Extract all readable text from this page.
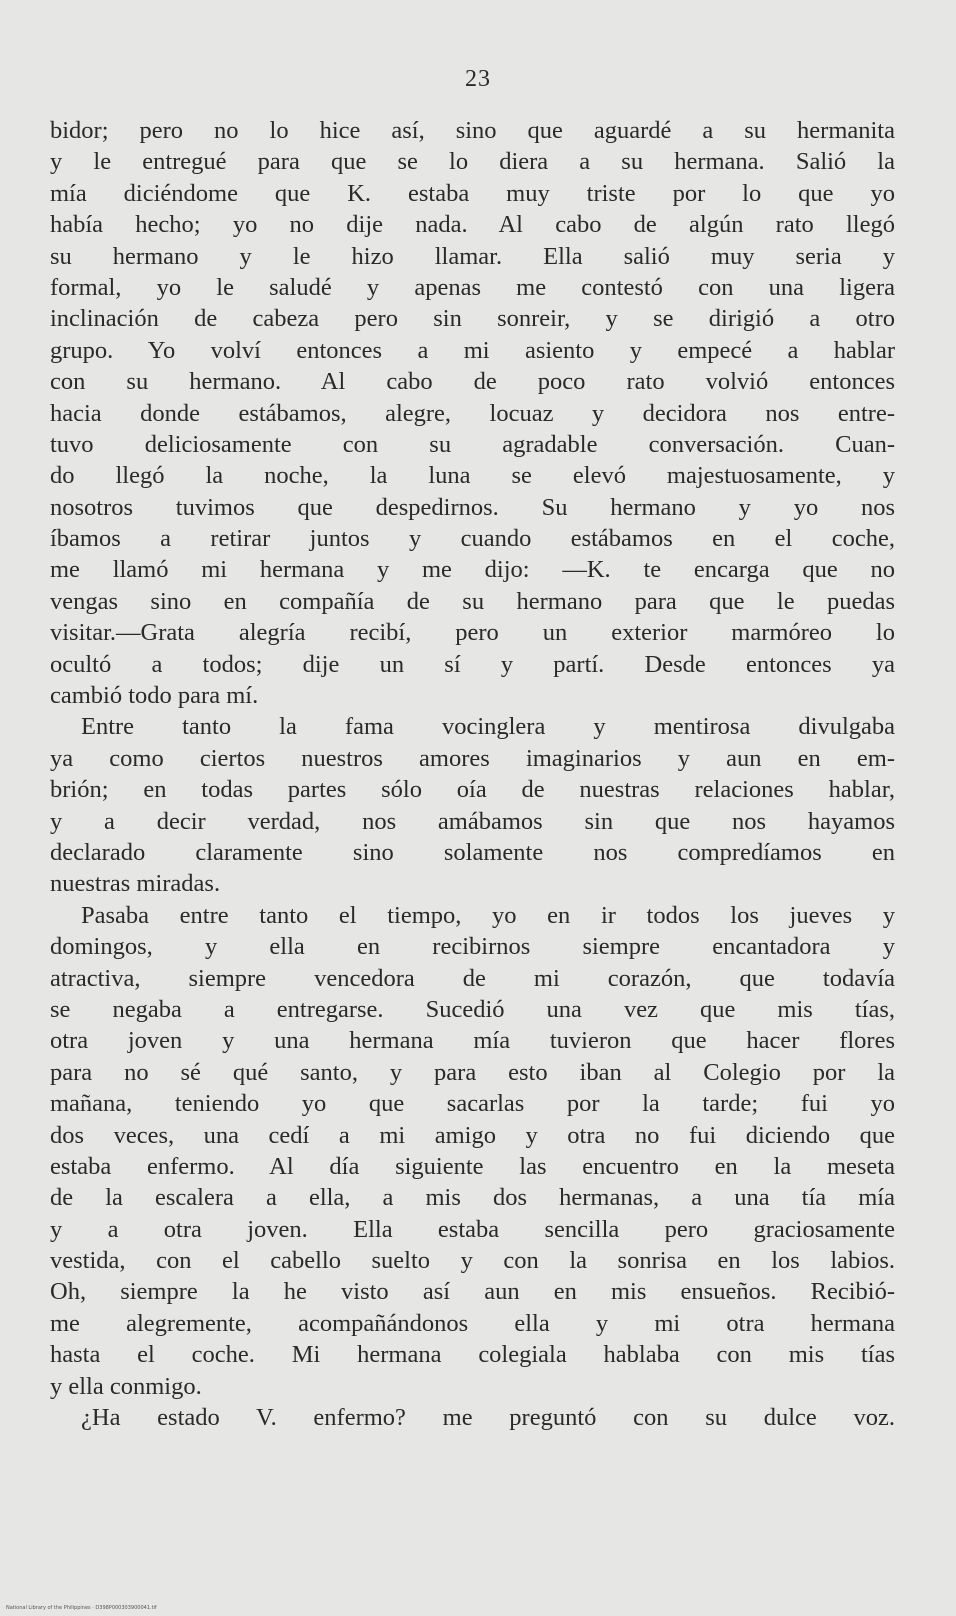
23
bidor; pero no lo hice así, sino que aguardé a su hermanita
y le entregué para que se lo diera a su hermana. Salió la
mía diciéndome que K. estaba muy triste por lo que yo
había hecho; yo no dije nada. Al cabo de algún rato llegó
su hermano y le hizo llamar. Ella salió muy seria y
formal, yo le saludé y apenas me contestó con una ligera
inclinación de cabeza pero sin sonreir, y se dirigió a otro
grupo. Yo volví entonces a mi asiento y empecé a hablar
con su hermano. Al cabo de poco rato volvió entonces
hacia donde estábamos, alegre, locuaz y decidora nos entre-
tuvo deliciosamente con su agradable conversación. Cuan-
do llegó la noche, la luna se elevó majestuosamente, y
nosotros tuvimos que despedirnos. Su hermano y yo nos
íbamos a retirar juntos y cuando estábamos en el coche,
me llamó mi hermana y me dijo: —K. te encarga que no
vengas sino en compañía de su hermano para que le puedas
visitar.—Grata alegría recibí, pero un exterior marmóreo lo
ocultó a todos; dije un sí y partí. Desde entonces ya
cambió todo para mí.
Entre tanto la fama vocinglera y mentirosa divulgaba
ya como ciertos nuestros amores imaginarios y aun en em-
brión; en todas partes sólo oía de nuestras relaciones hablar,
y a decir verdad, nos amábamos sin que nos hayamos
declarado claramente sino solamente nos compredíamos en
nuestras miradas.
Pasaba entre tanto el tiempo, yo en ir todos los jueves y
domingos, y ella en recibirnos siempre encantadora y
atractiva, siempre vencedora de mi corazón, que todavía
se negaba a entregarse. Sucedió una vez que mis tías,
otra joven y una hermana mía tuvieron que hacer flores
para no sé qué santo, y para esto iban al Colegio por la
mañana, teniendo yo que sacarlas por la tarde; fui yo
dos veces, una cedí a mi amigo y otra no fui diciendo que
estaba enfermo. Al día siguiente las encuentro en la meseta
de la escalera a ella, a mis dos hermanas, a una tía mía
y a otra joven. Ella estaba sencilla pero graciosamente
vestida, con el cabello suelto y con la sonrisa en los labios.
Oh, siempre la he visto así aun en mis ensueños. Recibió-
me alegremente, acompañándonos ella y mi otra hermana
hasta el coche. Mi hermana colegiala hablaba con mis tías
y ella conmigo.
¿Ha estado V. enfermo? me preguntó con su dulce voz.
National Library of the Philippines · D398P000303900041.tif
